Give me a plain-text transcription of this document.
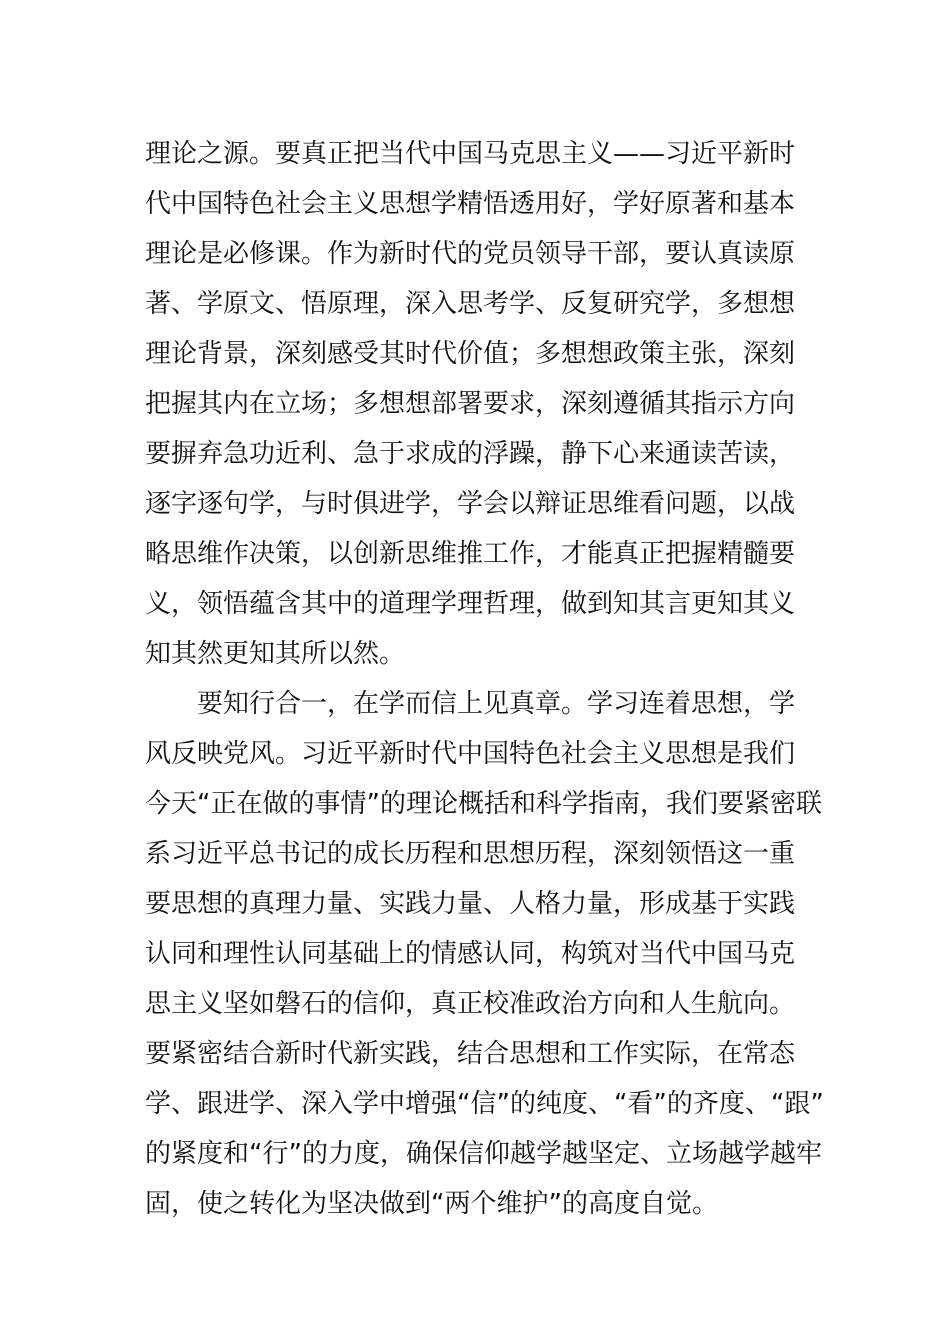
理论之源。要真正把当代中国马克思主义——习近平新时
代中国特色社会主义思想学精悟透用好，学好原著和基本
理论是必修课。作为新时代的党员领导干部，要认真读原
著、学原文、悟原理，深入思考学、反复研究学，多想想
理论背景，深刻感受其时代价值；多想想政策主张，深刻
把握其内在立场；多想想部署要求，深刻遵循其指示方向
要摒弃急功近利、急于求成的浮躁，静下心来通读苦读，
逐字逐句学，与时俱进学，学会以辩证思维看问题，以战
略思维作决策，以创新思维推工作，才能真正把握精髓要
义，领悟蕴含其中的道理学理哲理，做到知其言更知其义
知其然更知其所以然。
要知行合一，在学而信上见真章。学习连着思想，学
风反映党风。习近平新时代中国特色社会主义思想是我们
今天“正在做的事情”的理论概括和科学指南，我们要紧密联
系习近平总书记的成长历程和思想历程，深刻领悟这一重
要思想的真理力量、实践力量、人格力量，形成基于实践
认同和理性认同基础上的情感认同，构筑对当代中国马克
思主义坚如磐石的信仰，真正校准政治方向和人生航向。
要紧密结合新时代新实践，结合思想和工作实际，在常态
学、跟进学、深入学中增强“信”的纯度、“看”的齐度、“跟”
的紧度和“行”的力度，确保信仰越学越坚定、立场越学越牢
固，使之转化为坚决做到“两个维护”的高度自觉。
